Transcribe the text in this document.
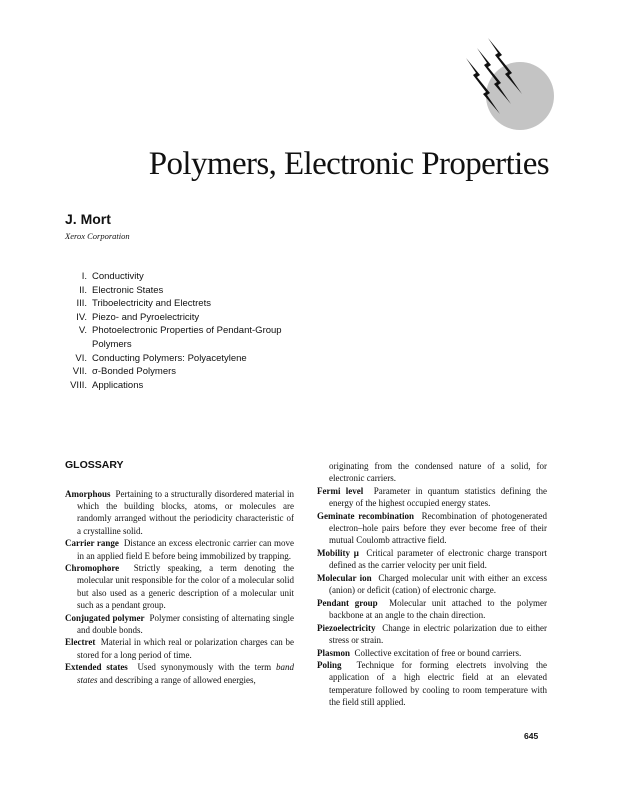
Polymers, Electronic Properties
J. Mort
Xerox Corporation
I. Conductivity
II. Electronic States
III. Triboelectricity and Electrets
IV. Piezo- and Pyroelectricity
V. Photoelectronic Properties of Pendant-Group Polymers
VI. Conducting Polymers: Polyacetylene
VII. σ-Bonded Polymers
VIII. Applications
GLOSSARY

Amorphous Pertaining to a structurally disordered material in which the building blocks, atoms, or molecules are randomly arranged without the periodicity characteristic of a crystalline solid.

Carrier range Distance an excess electronic carrier can move in an applied field E before being immobilized by trapping.

Chromophore Strictly speaking, a term denoting the molecular unit responsible for the color of a molecular solid but also used as a generic description of a molecular unit such as a pendant group.

Conjugated polymer Polymer consisting of alternating single and double bonds.

Electret Material in which real or polarization charges can be stored for a long period of time.

Extended states Used synonymously with the term band states and describing a range of allowed energies,

originating from the condensed nature of a solid, for electronic carriers.

Fermi level Parameter in quantum statistics defining the energy of the highest occupied energy states.

Geminate recombination Recombination of photogenerated electron–hole pairs before they ever become free of their mutual Coulomb attractive field.

Mobility μ Critical parameter of electronic charge transport defined as the carrier velocity per unit field.

Molecular ion Charged molecular unit with either an excess (anion) or deficit (cation) of electronic charge.

Pendant group Molecular unit attached to the polymer backbone at an angle to the chain direction.

Piezoelectricity Change in electric polarization due to either stress or strain.

Plasmon Collective excitation of free or bound carriers.

Poling Technique for forming electrets involving the application of a high electric field at an elevated temperature followed by cooling to room temperature with the field still applied.

645
